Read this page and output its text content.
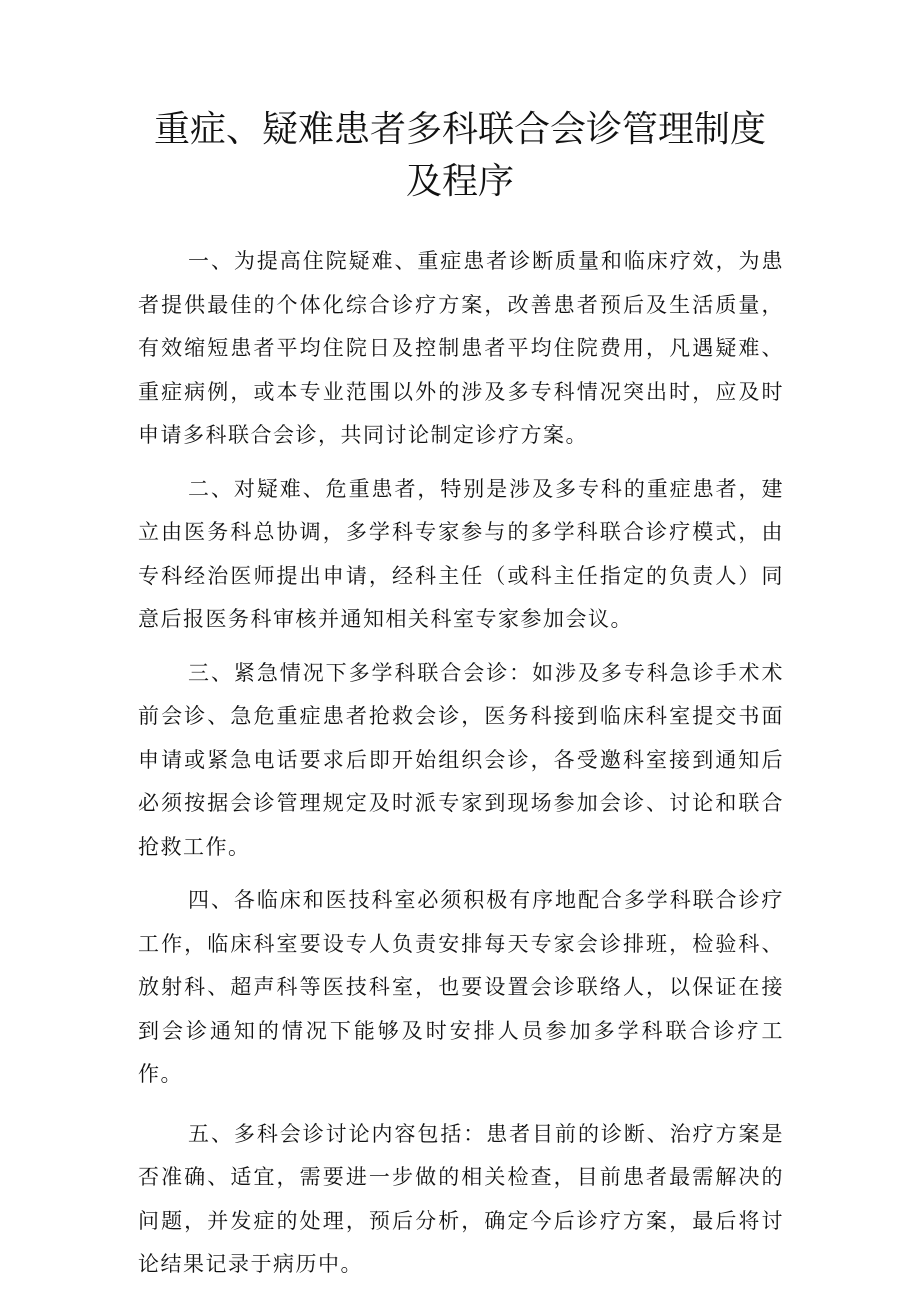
重症、疑难患者多科联合会诊管理制度及程序

一、为提高住院疑难、重症患者诊断质量和临床疗效，为患者提供最佳的个体化综合诊疗方案，改善患者预后及生活质量，有效缩短患者平均住院日及控制患者平均住院费用，凡遇疑难、重症病例，或本专业范围以外的涉及多专科情况突出时，应及时申请多科联合会诊，共同讨论制定诊疗方案。

二、对疑难、危重患者，特别是涉及多专科的重症患者，建立由医务科总协调，多学科专家参与的多学科联合诊疗模式，由专科经治医师提出申请，经科主任（或科主任指定的负责人）同意后报医务科审核并通知相关科室专家参加会议。

三、紧急情况下多学科联合会诊：如涉及多专科急诊手术术前会诊、急危重症患者抢救会诊，医务科接到临床科室提交书面申请或紧急电话要求后即开始组织会诊，各受邀科室接到通知后必须按据会诊管理规定及时派专家到现场参加会诊、讨论和联合抢救工作。

四、各临床和医技科室必须积极有序地配合多学科联合诊疗工作，临床科室要设专人负责安排每天专家会诊排班，检验科、放射科、超声科等医技科室，也要设置会诊联络人，以保证在接到会诊通知的情况下能够及时安排人员参加多学科联合诊疗工作。

五、多科会诊讨论内容包括：患者目前的诊断、治疗方案是否准确、适宜，需要进一步做的相关检查，目前患者最需解决的问题，并发症的处理，预后分析，确定今后诊疗方案，最后将讨论结果记录于病历中。
